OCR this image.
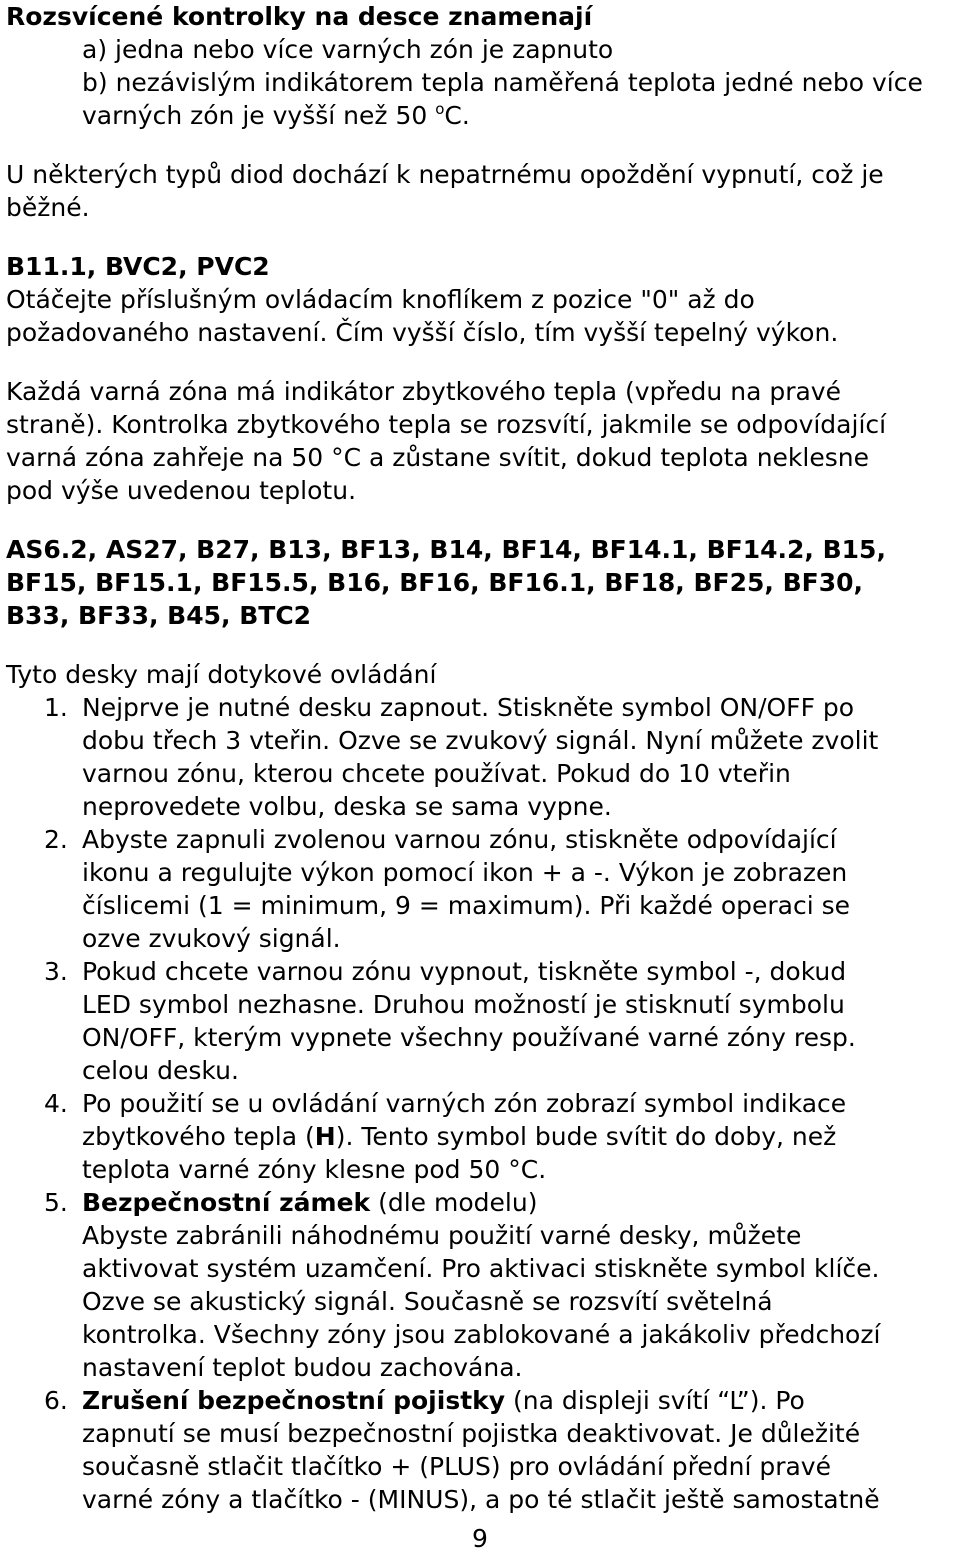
Rozsvícené kontrolky na desce znamenají
a) jedna nebo více varných zón je zapnuto
b) nezávislým indikátorem tepla naměřená teplota jedné nebo více
varných zón je vyšší než 50 $^o$C.
U některých typů diod dochází k nepatrnému opoždění vypnutí, což je
běžné.
B11.1, BVC2, PVC2
Otáčejte příslušným ovládacím knoflíkem z pozice "0" až do
požadovaného nastavení. Čím vyšší číslo, tím vyšší tepelný výkon.
Každá varná zóna má indikátor zbytkového tepla (vpředu na pravé
straně). Kontrolka zbytkového tepla se rozsvítí, jakmile se odpovídající
varná zóna zahřeje na 50 °C a zůstane svítit, dokud teplota neklesne
pod výše uvedenou teplotu.
AS6.2, AS27, B27, B13, BF13, B14, BF14, BF14.1, BF14.2, B15,
BF15, BF15.1, BF15.5, B16, BF16, BF16.1, BF18, BF25, BF30,
B33, BF33, B45, BTC2
Tyto desky mají dotykové ovládání
1. Nejprve je nutné desku zapnout. Stiskněte symbol ON/OFF po
dobu třech 3 vteřin. Ozve se zvukový signál. Nyní můžete zvolit
varnou zónu, kterou chcete používat. Pokud do 10 vteřin
neprovedete volbu, deska se sama vypne.
2. Abyste zapnuli zvolenou varnou zónu, stiskněte odpovídající
ikonu a regulujte výkon pomocí ikon + a -. Výkon je zobrazen
číslicemi (1 = minimum, 9 = maximum). Při každé operaci se
ozve zvukový signál.
3. Pokud chcete varnou zónu vypnout, tiskněte symbol -, dokud
LED symbol nezhasne. Druhou možností je stisknutí symbolu
ON/OFF, kterým vypnete všechny používané varné zóny resp.
celou desku.
4. Po použití se u ovládání varných zón zobrazí symbol indikace
zbytkového tepla (H). Tento symbol bude svítit do doby, než
teplota varné zóny klesne pod 50 °C.
5. Bezpečnostní zámek (dle modelu)
Abyste zabránili náhodnému použití varné desky, můžete
aktivovat systém uzamčení. Pro aktivaci stiskněte symbol klíče.
Ozve se akustický signál. Současně se rozsvítí světelná
kontrolka. Všechny zóny jsou zablokované a jakákoliv předchozí
nastavení teplot budou zachována.
6. Zrušení bezpečnostní pojistky (na displeji svítí “L”). Po
zapnutí se musí bezpečnostní pojistka deaktivovat. Je důležité
současně stlačit tlačítko + (PLUS) pro ovládání přední pravé
varné zóny a tlačítko - (MINUS), a po té stlačit ještě samostatně
9
